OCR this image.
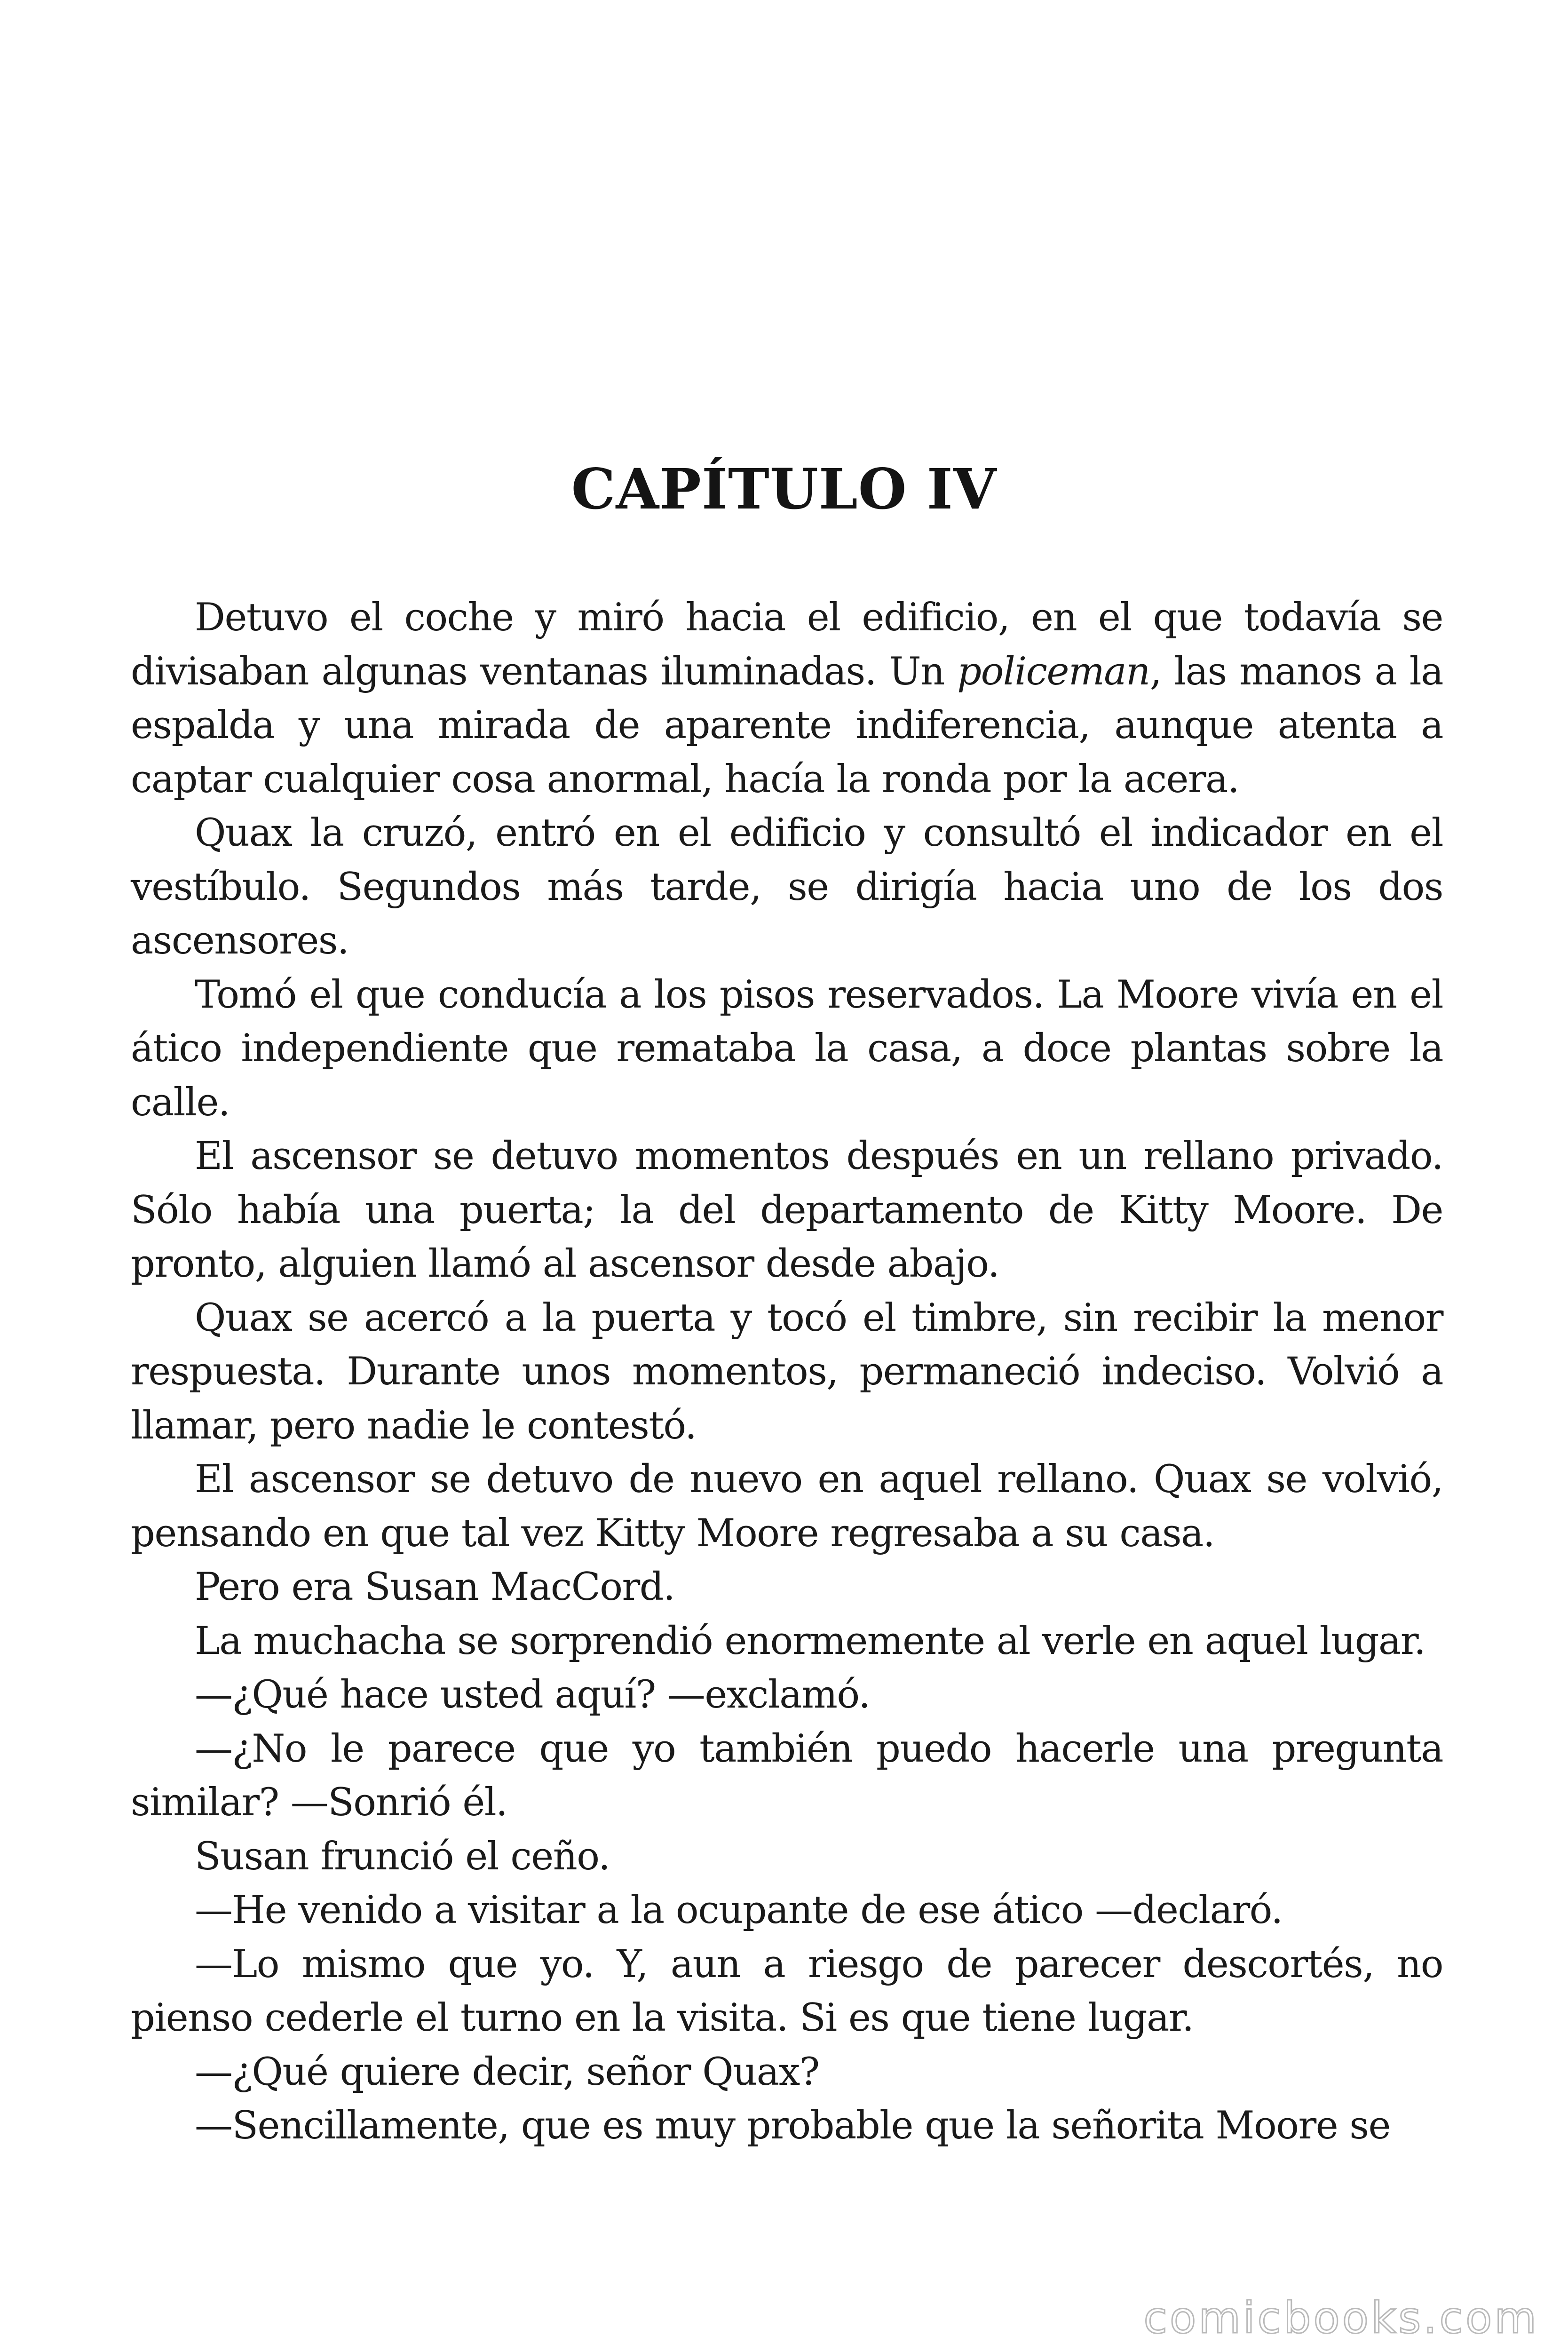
CAPÍTULO IV

Detuvo el coche y miró hacia el edificio, en el que todavía se divisaban algunas ventanas iluminadas. Un policeman, las manos a la espalda y una mirada de aparente indiferencia, aunque atenta a captar cualquier cosa anormal, hacía la ronda por la acera.

Quax la cruzó, entró en el edificio y consultó el indicador en el vestíbulo. Segundos más tarde, se dirigía hacia uno de los dos ascensores.

Tomó el que conducía a los pisos reservados. La Moore vivía en el ático independiente que remataba la casa, a doce plantas sobre la calle.

El ascensor se detuvo momentos después en un rellano privado. Sólo había una puerta; la del departamento de Kitty Moore. De pronto, alguien llamó al ascensor desde abajo.

Quax se acercó a la puerta y tocó el timbre, sin recibir la menor respuesta. Durante unos momentos, permaneció indeciso. Volvió a llamar, pero nadie le contestó.

El ascensor se detuvo de nuevo en aquel rellano. Quax se volvió, pensando en que tal vez Kitty Moore regresaba a su casa.

Pero era Susan MacCord.

La muchacha se sorprendió enormemente al verle en aquel lugar.

—¿Qué hace usted aquí? —exclamó.

—¿No le parece que yo también puedo hacerle una pregunta similar? —Sonrió él.

Susan frunció el ceño.

—He venido a visitar a la ocupante de ese ático —declaró.

—Lo mismo que yo. Y, aun a riesgo de parecer descortés, no pienso cederle el turno en la visita. Si es que tiene lugar.

—¿Qué quiere decir, señor Quax?

—Sencillamente, que es muy probable que la señorita Moore se

comicbooks.com
